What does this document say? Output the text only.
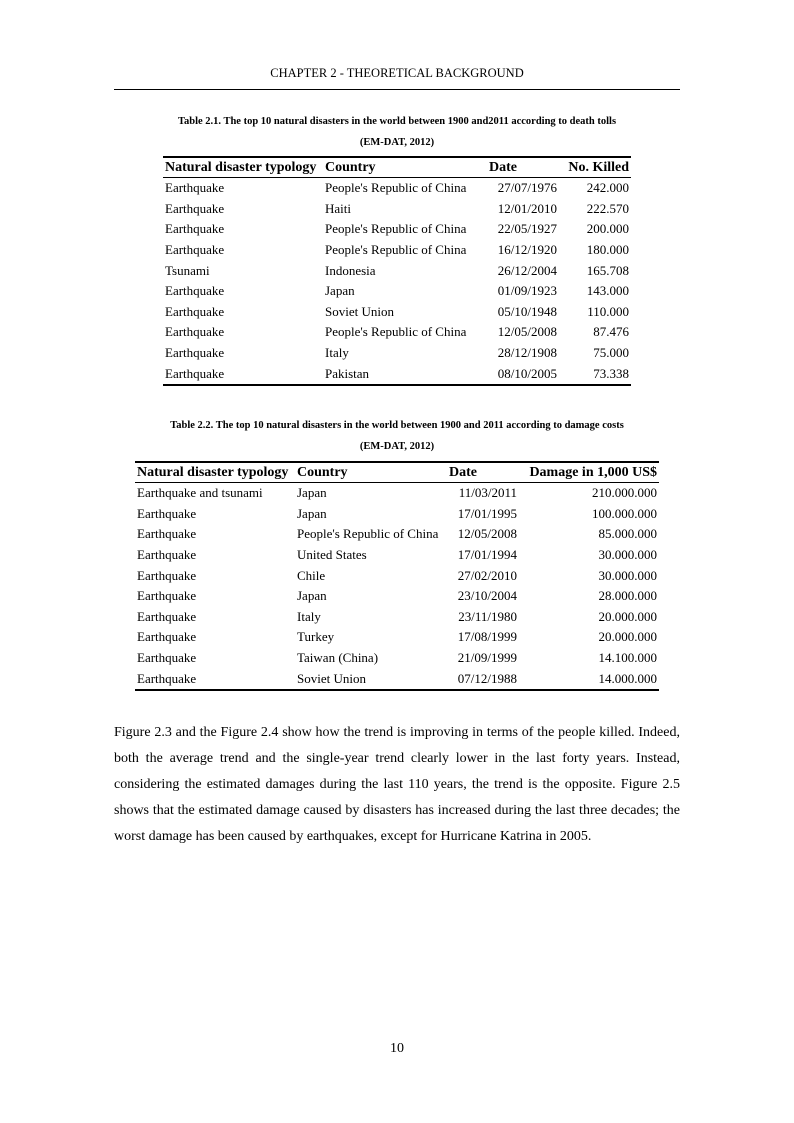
CHAPTER 2 - THEORETICAL BACKGROUND
Table 2.1. The top 10 natural disasters in the world between 1900 and2011 according to death tolls
(EM-DAT, 2012)
Natural disaster typology	Country	Date	No. Killed
Earthquake	People's Republic of China	27/07/1976	242.000
Earthquake	Haiti	12/01/2010	222.570
Earthquake	People's Republic of China	22/05/1927	200.000
Earthquake	People's Republic of China	16/12/1920	180.000
Tsunami	Indonesia	26/12/2004	165.708
Earthquake	Japan	01/09/1923	143.000
Earthquake	Soviet Union	05/10/1948	110.000
Earthquake	People's Republic of China	12/05/2008	87.476
Earthquake	Italy	28/12/1908	75.000
Earthquake	Pakistan	08/10/2005	73.338
Table 2.2. The top 10 natural disasters in the world between 1900 and 2011 according to damage costs
(EM-DAT, 2012)
Natural disaster typology	Country	Date	Damage in 1,000 US$
Earthquake and tsunami	Japan	11/03/2011	210.000.000
Earthquake	Japan	17/01/1995	100.000.000
Earthquake	People's Republic of China	12/05/2008	85.000.000
Earthquake	United States	17/01/1994	30.000.000
Earthquake	Chile	27/02/2010	30.000.000
Earthquake	Japan	23/10/2004	28.000.000
Earthquake	Italy	23/11/1980	20.000.000
Earthquake	Turkey	17/08/1999	20.000.000
Earthquake	Taiwan (China)	21/09/1999	14.100.000
Earthquake	Soviet Union	07/12/1988	14.000.000

Figure 2.3 and the Figure 2.4 show how the trend is improving in terms of the people killed. Indeed, both the average trend and the single-year trend clearly lower in the last forty years. Instead, considering the estimated damages during the last 110 years, the trend is the opposite. Figure 2.5 shows that the estimated damage caused by disasters has increased during the last three decades; the worst damage has been caused by earthquakes, except for Hurricane Katrina in 2005.

10
